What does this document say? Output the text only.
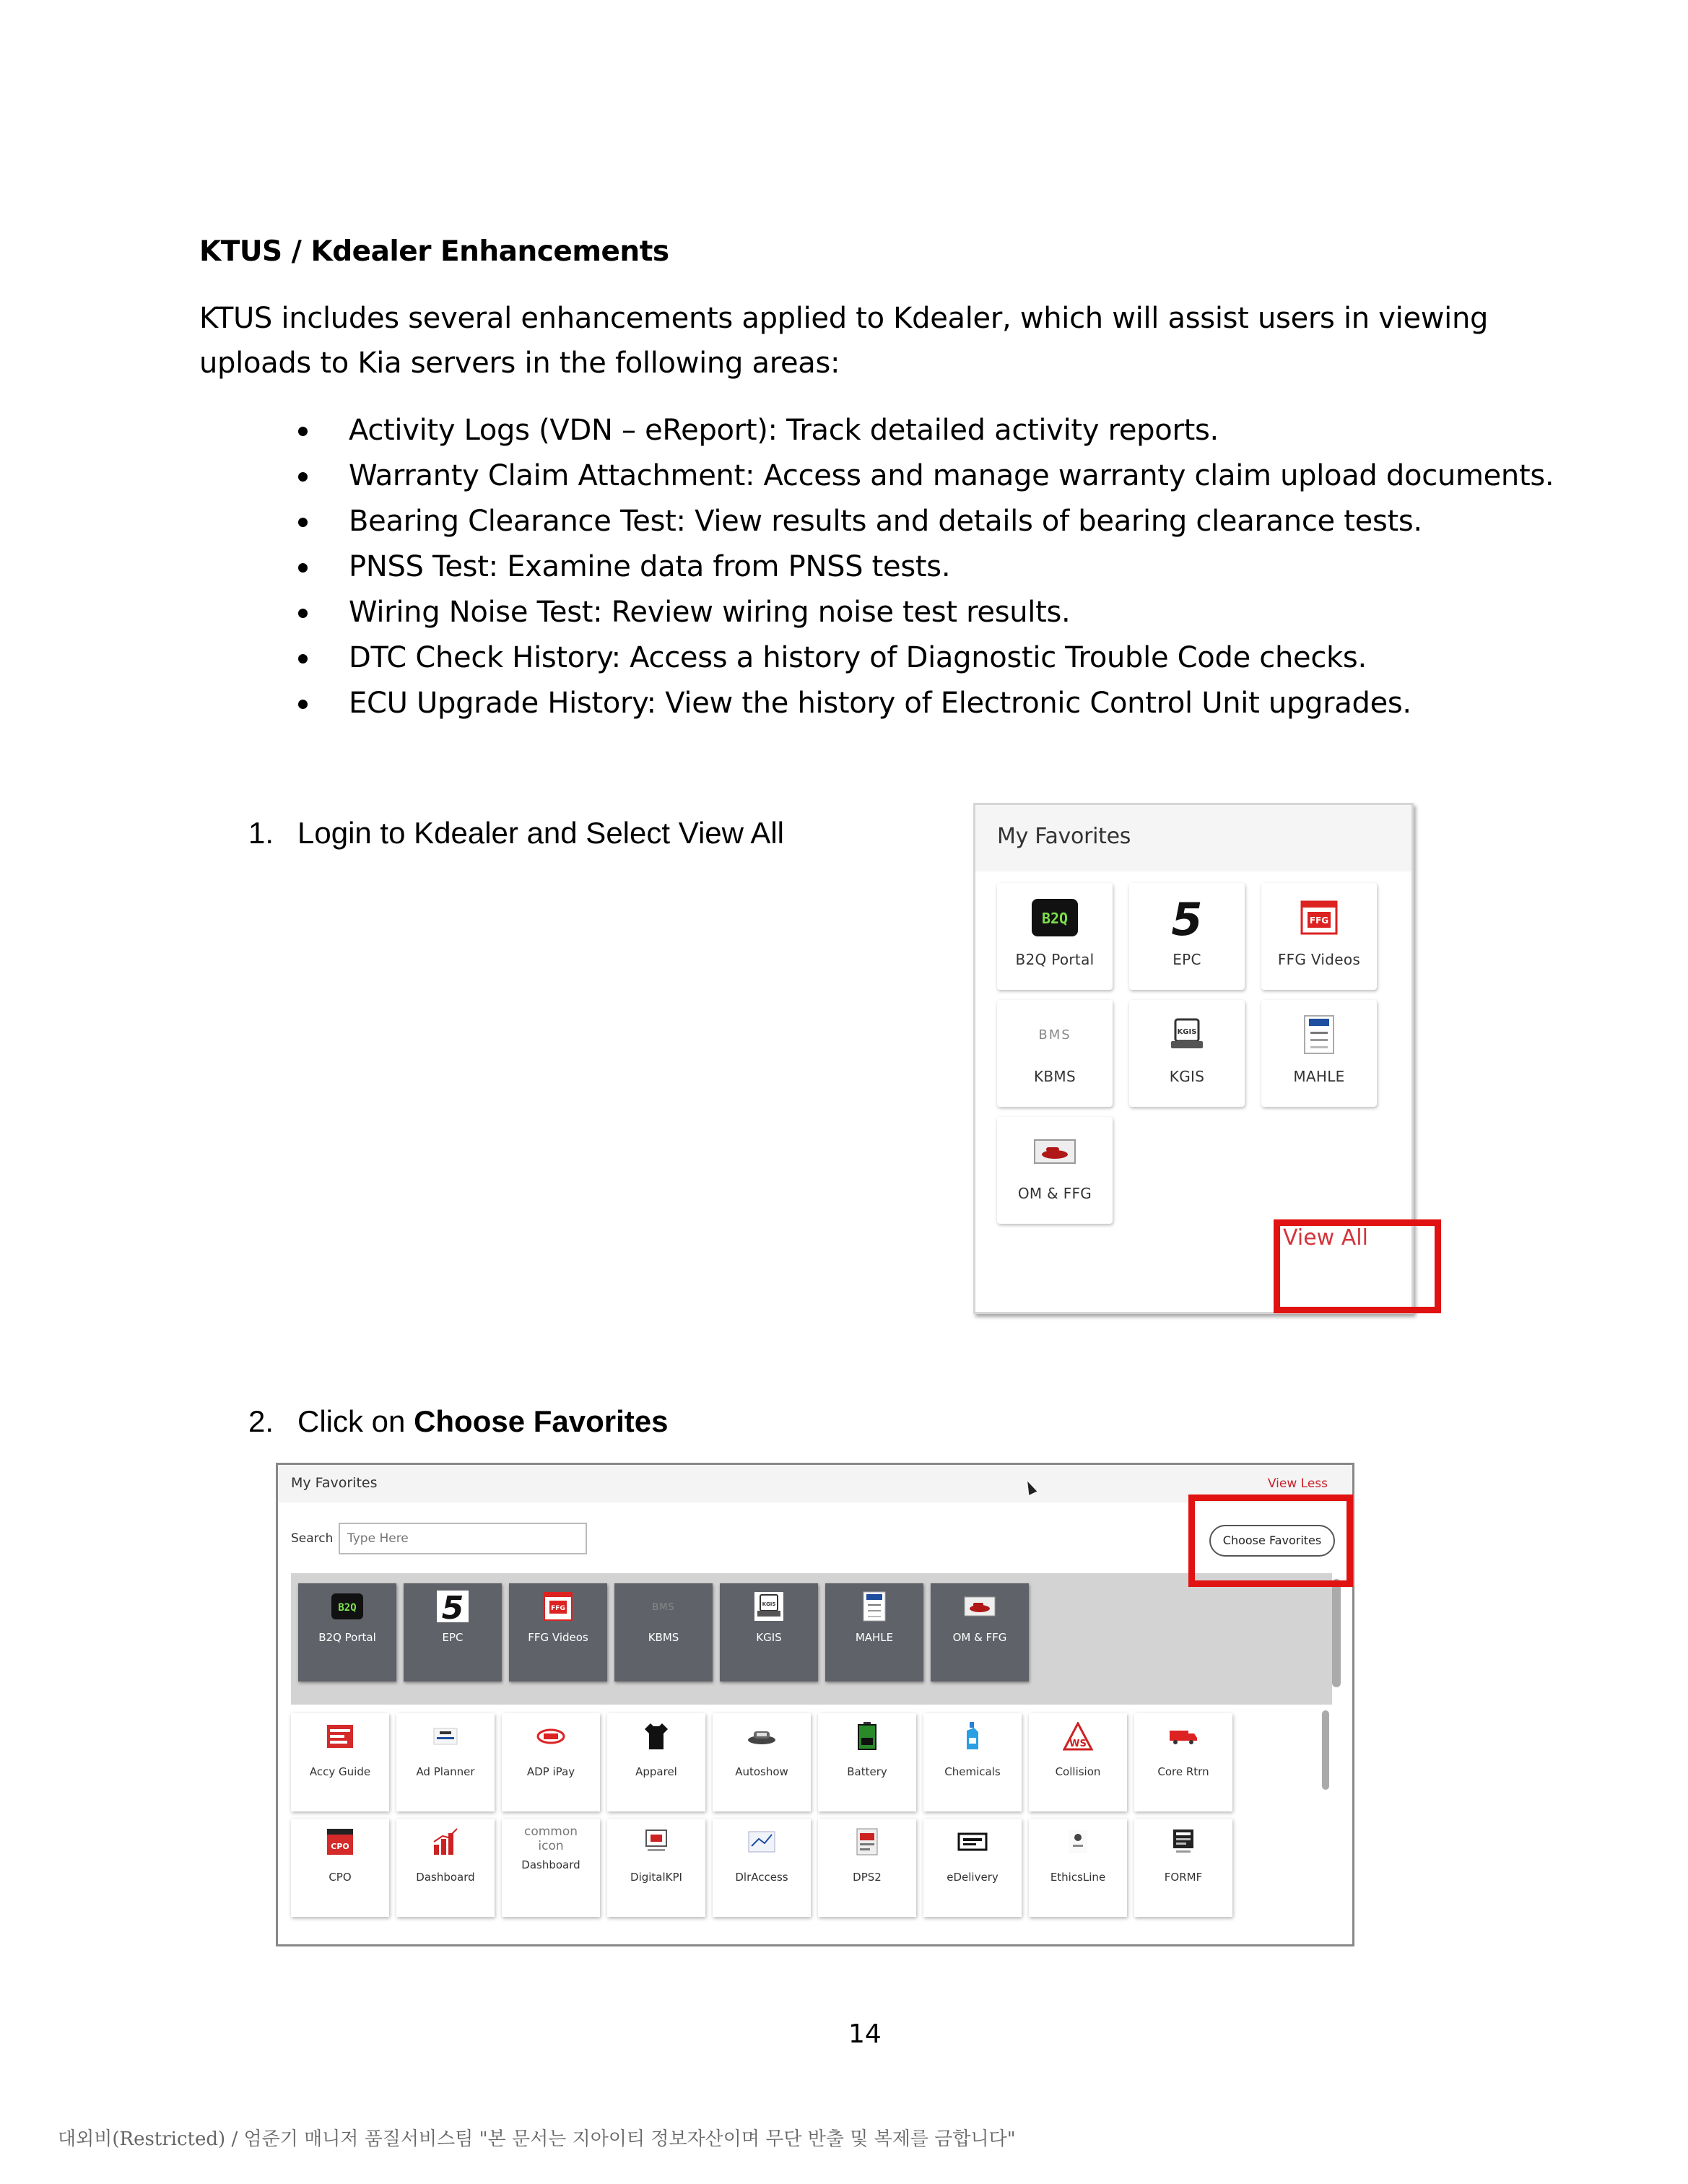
KTUS / Kdealer Enhancements
KTUS includes several enhancements applied to Kdealer, which will assist users in viewing uploads to Kia servers in the following areas:
Activity Logs (VDN – eReport): Track detailed activity reports.
Warranty Claim Attachment: Access and manage warranty claim upload documents.
Bearing Clearance Test: View results and details of bearing clearance tests.
PNSS Test: Examine data from PNSS tests.
Wiring Noise Test: Review wiring noise test results.
DTC Check History: Access a history of Diagnostic Trouble Code checks.
ECU Upgrade History: View the history of Electronic Control Unit upgrades.
1. Login to Kdealer and Select View All	My Favorites
B2Q
B2Q Portal
5
EPC
FFG
FFG Videos
BMS
KBMS
KGIS
KGIS	MAHLE
OM & FFG
View All
2. Click on Choose Favorites
My Favorites	View Less
Search
Type Here	Choose Favorites
B2Q
B2Q Portal
5
EPC
FFG
FFG Videos
BMS
KBMS
KGIS
KGIS	MAHLE	OM & FFG
Accy Guide	Ad Planner	ADP iPay	Apparel	Autoshow	Battery	Chemicals
WS
Collision	Core Rtrn
CPO
CPO	Dashboard
common icon
Dashboard
DigitalKPI	DlrAccess	DPS2	eDelivery	EthicsLine	FORMF
14
대외비(Restricted) / 엄준기 매니저 품질서비스팀 "본 문서는 지아이티 정보자산이며 무단 반출 및 복제를 금합니다"
